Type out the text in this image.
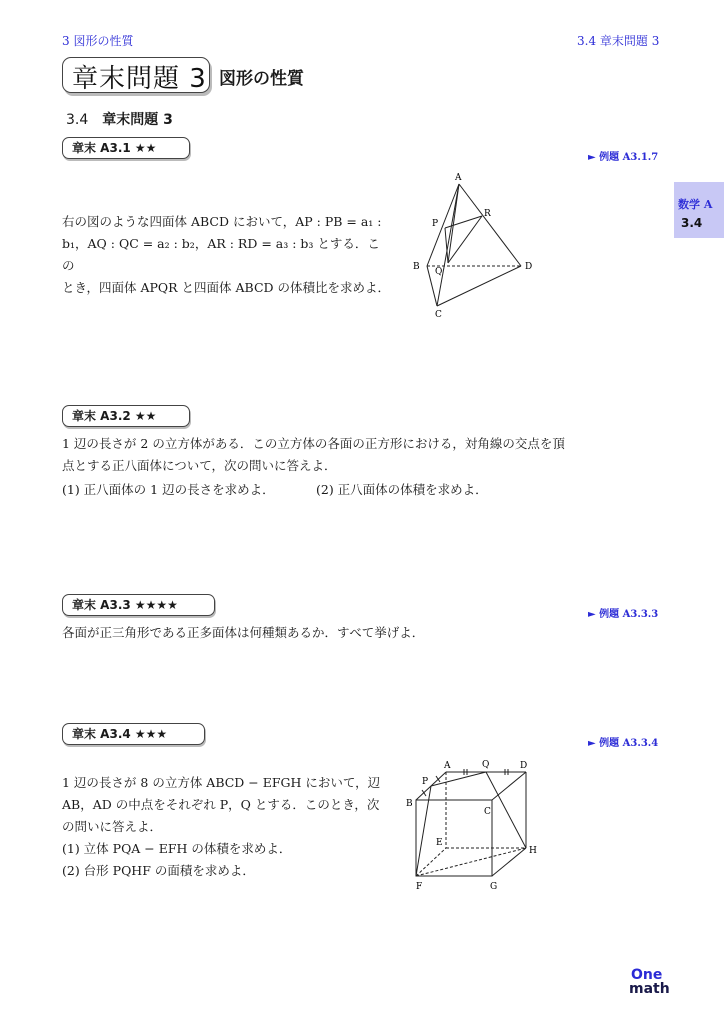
3 図形の性質	3.4 章末問題 3
章末問題 3 図形の性質
3.4 章末問題 3
数学 A
3.4
章末 A3.1 ★★
► 例題 A3.1.7
右の図のような四面体 ABCD において，AP : PB = a₁ :
b₁，AQ : QC = a₂ : b₂，AR : RD = a₃ : b₃ とする．この
とき，四面体 APQR と四面体 ABCD の体積比を求めよ．
A
P
R
B Q	D
C
章末 A3.2 ★★
1 辺の長さが 2 の立方体がある．この立方体の各面の正方形における，対角線の交点を頂
点とする正八面体について，次の問いに答えよ．
(1) 正八面体の 1 辺の長さを求めよ．	(2) 正八面体の体積を求めよ．
章末 A3.3 ★★★★
► 例題 A3.3.3
各面が正三角形である正多面体は何種類あるか．すべて挙げよ．
章末 A3.4 ★★★
► 例題 A3.3.4
1 辺の長さが 8 の立方体 ABCD − EFGH において，辺
AB，AD の中点をそれぞれ P，Q とする．このとき，次
の問いに答えよ．
(1) 立体 PQA − EFH の体積を求めよ．
(2) 台形 PQHF の面積を求めよ．
A	Q	D
P
B
C
E
H
F	G
One
math
